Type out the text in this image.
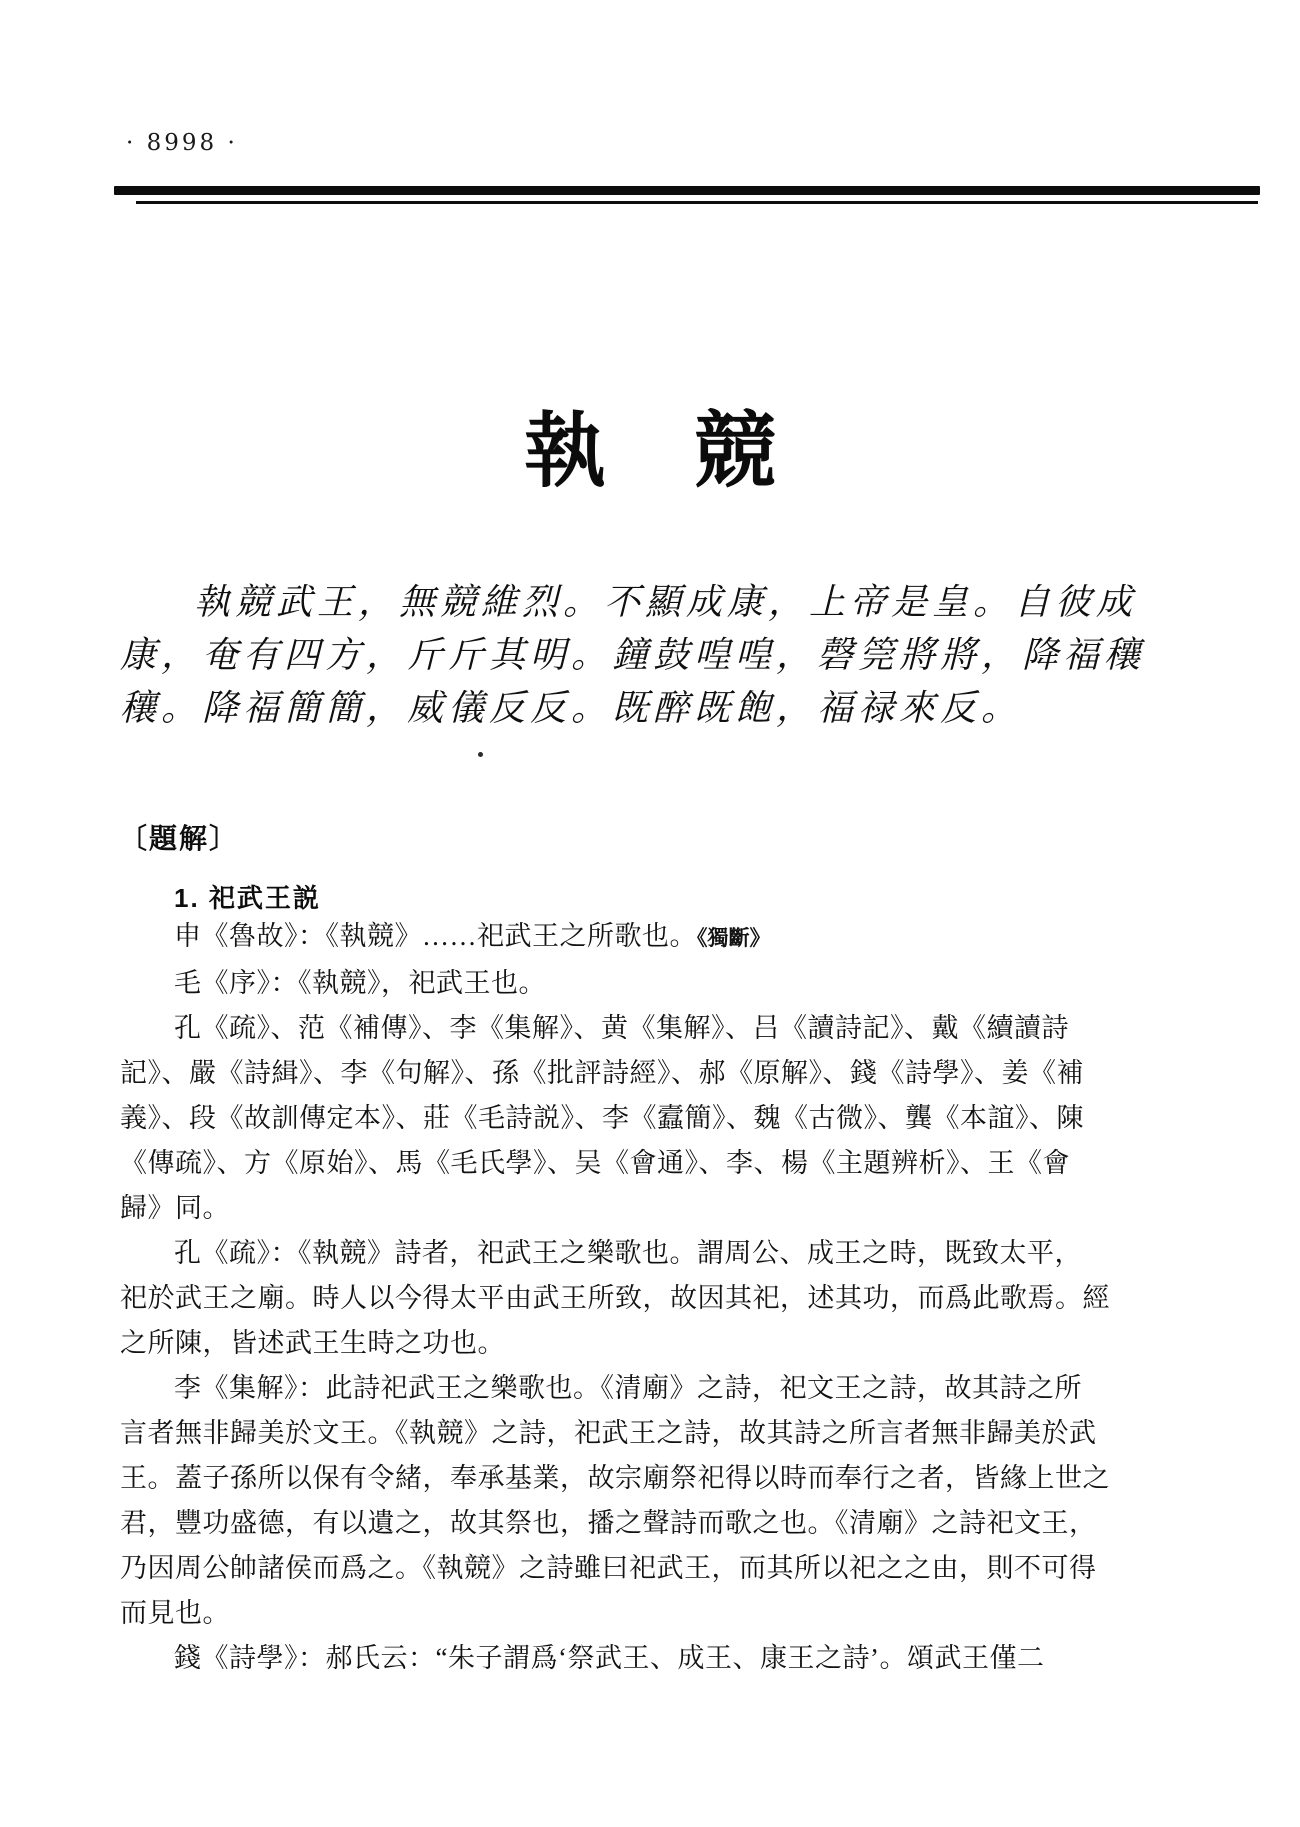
· 8998 ·
執 競
執競武王，無競維烈。不顯成康，上帝是皇。自彼成
康，奄有四方，斤斤其明。鐘鼓喤喤，磬筦將將，降福穰
穰。降福簡簡，威儀反反。既醉既飽，福禄來反。
〔題解〕
1. 祀武王説
申《魯故》：《執競》……祀武王之所歌也。《獨斷》
毛《序》：《執競》，祀武王也。
孔《疏》、范《補傳》、李《集解》、黄《集解》、吕《讀詩記》、戴《續讀詩
記》、嚴《詩緝》、李《句解》、孫《批評詩經》、郝《原解》、錢《詩學》、姜《補
義》、段《故訓傳定本》、莊《毛詩説》、李《蠧簡》、魏《古微》、龔《本誼》、陳
《傳疏》、方《原始》、馬《毛氏學》、吴《會通》、李、楊《主題辨析》、王《會
歸》同。
孔《疏》：《執競》詩者，祀武王之樂歌也。謂周公、成王之時，既致太平，
祀於武王之廟。時人以今得太平由武王所致，故因其祀，述其功，而爲此歌焉。經
之所陳，皆述武王生時之功也。
李《集解》：此詩祀武王之樂歌也。《清廟》之詩，祀文王之詩，故其詩之所
言者無非歸美於文王。《執競》之詩，祀武王之詩，故其詩之所言者無非歸美於武
王。蓋子孫所以保有令緒，奉承基業，故宗廟祭祀得以時而奉行之者，皆緣上世之
君，豐功盛德，有以遺之，故其祭也，播之聲詩而歌之也。《清廟》之詩祀文王，
乃因周公帥諸侯而爲之。《執競》之詩雖曰祀武王，而其所以祀之之由，則不可得
而見也。
錢《詩學》：郝氏云：“朱子謂爲‘祭武王、成王、康王之詩’。頌武王僅二
